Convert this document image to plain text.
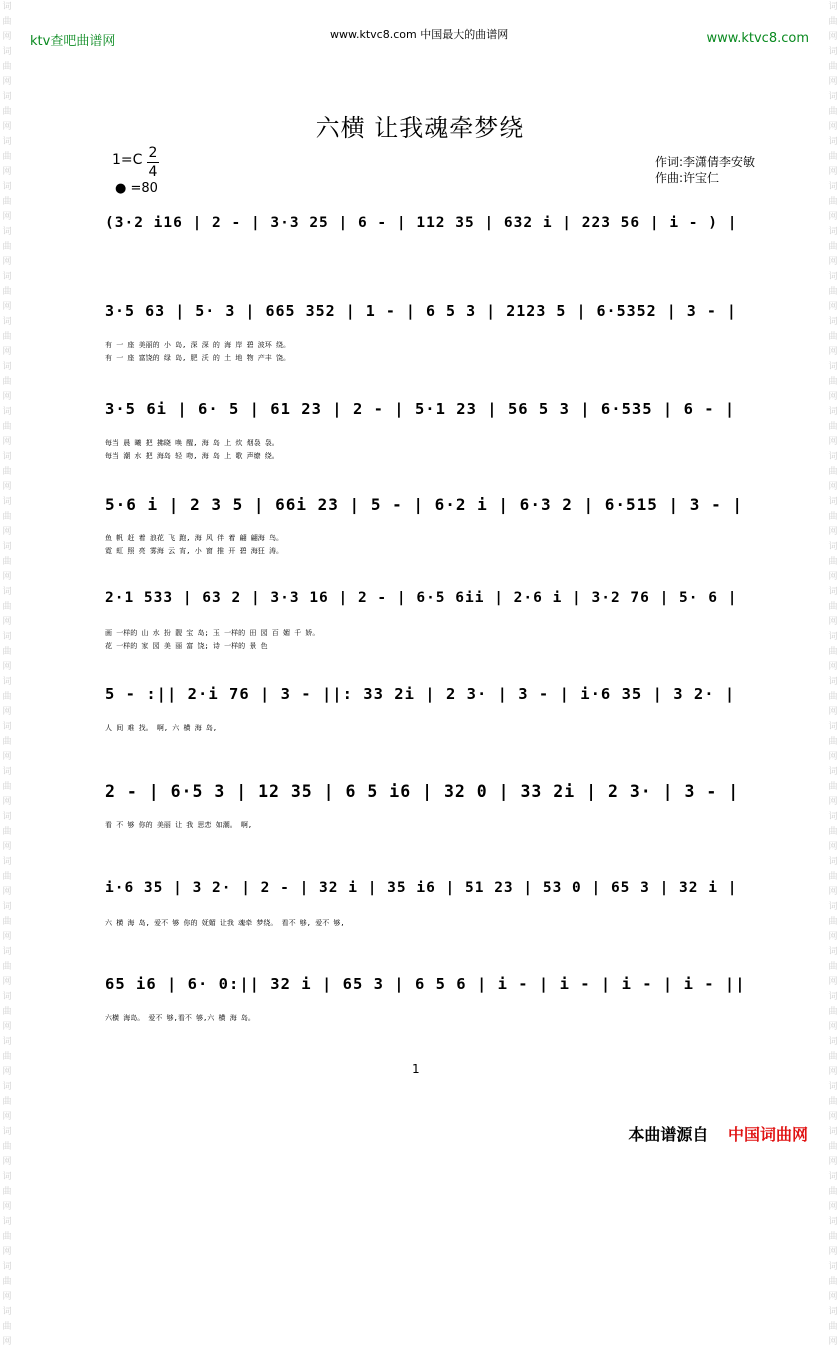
词曲网词曲网词曲网词曲网词曲网词曲网词曲网词曲网词曲网词曲网词曲网词曲网词曲网词曲网词曲网词曲网词曲网词曲网词曲网词曲网词曲网词曲网词曲网词曲网词曲网词曲网词曲网词曲网词曲网词曲网
词曲网词曲网词曲网词曲网词曲网词曲网词曲网词曲网词曲网词曲网词曲网词曲网词曲网词曲网词曲网词曲网词曲网词曲网词曲网词曲网词曲网词曲网词曲网词曲网词曲网词曲网词曲网词曲网词曲网词曲网
ktv查吧曲谱网	www.ktvc8.com 中国最大的曲谱网	www.ktvc8.com
六横 让我魂牵梦绕
1=C 2
4
● =80
作词:李潇倩李安敏
作曲:许宝仁
(3·2 i16 | 2 - | 3·3 25 | 6 - | 112 35 | 632 i | 223 56 | i - ) |
3·5 63 | 5· 3 | 665 352 | 1 - | 6 5 3 | 2123 5 | 6·5352 | 3 - |
有 一 座 美丽的 小 岛, 深 深 的 海 岸 碧 波环 绕。
有 一 座 富饶的 绿 岛, 肥 沃 的 土 地 物 产丰 饶。
3·5 6i | 6· 5 | 61 23 | 2 - | 5·1 23 | 56 5 3 | 6·535 | 6 - |
每当 晨 曦 把 拂晓 唤 醒, 海 岛 上 炊 烟袅 袅。
每当 潮 水 把 海岛 轻 吻, 海 岛 上 歌 声缭 绕。
5·6 i | 2 3 5 | 66i 23 | 5 - | 6·2 i | 6·3 2 | 6·515 | 3 - |
鱼 帆 赶 着 浪花 飞 跑, 海 风 伴 着 翩 翩海 鸟。
霓 虹 照 亮 雾海 云 宵, 小 窗 推 开 碧 海狂 涛。
2·1 533 | 63 2 | 3·3 16 | 2 - | 6·5 6ii | 2·6 i | 3·2 76 | 5· 6 |
画 一样的 山 水 扮 靓 宝 岛; 玉 一样的 田 园 百 媚 千 娇。
花 一样的 家 园 美 丽 富 饶; 诗 一样的 景 色
5 - :|| 2·i 76 | 3 - ||: 33 2i | 2 3· | 3 - | i·6 35 | 3 2· |
人 间 难 找。 啊, 六 横 海 岛,
2 - | 6·5 3 | 12 35 | 6 5 i6 | 32 0 | 33 2i | 2 3· | 3 - |
看 不 够 你的 美丽 让 我 思恋 如潮。 啊,
i·6 35 | 3 2· | 2 - | 32 i | 35 i6 | 51 23 | 53 0 | 65 3 | 32 i |
六 横 海 岛, 爱不 够 你的 妩媚 让我 魂牵 梦绕。 看不 够, 爱不 够,
65 i6 | 6· 0:|| 32 i | 65 3 | 6 5 6 | i - | i - | i - | i - ||
六横 海岛。 爱不 够,看不 够,六 横 海 岛。
1
本曲谱源自 中国词曲网
